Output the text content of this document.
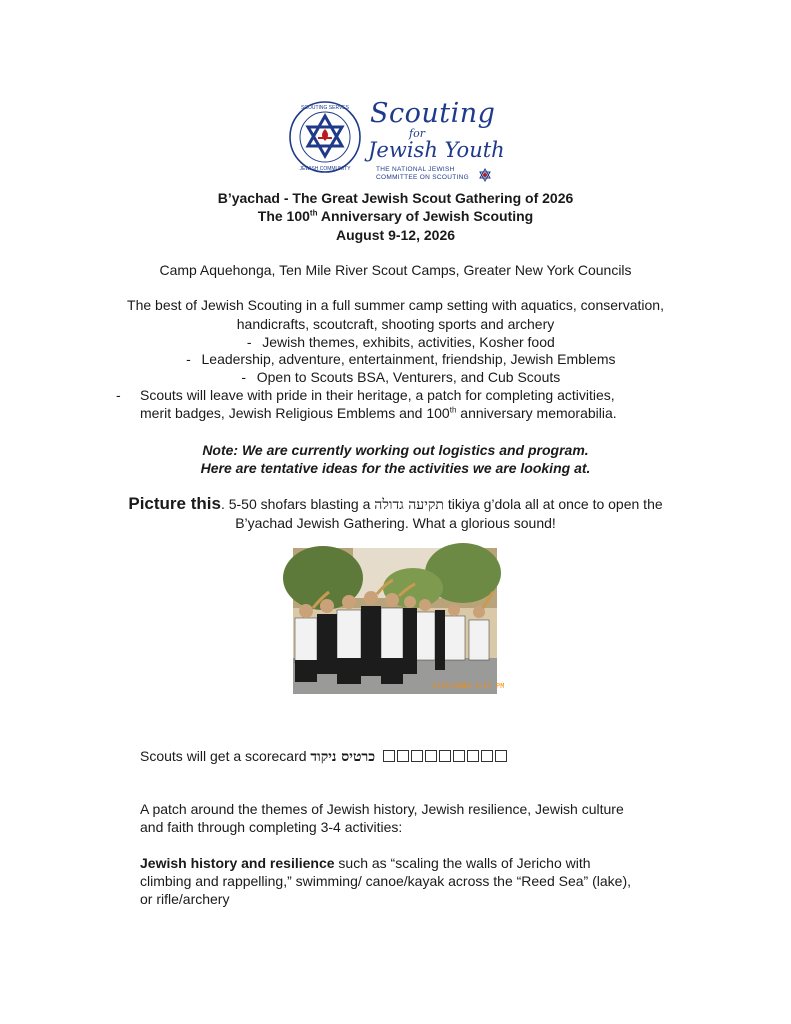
SCOUTING SERVES
JEWISH COMMUNITY
Scouting
for
Jewish Youth
THE NATIONAL JEWISH
COMMITTEE ON SCOUTING
B’yachad - The Great Jewish Scout Gathering of 2026
The 100th Anniversary of Jewish Scouting
August 9-12, 2026
Camp Aquehonga, Ten Mile River Scout Camps, Greater New York Councils
The best of Jewish Scouting in a full summer camp setting with aquatics, conservation,
handicrafts, scoutcraft, shooting sports and archery
- Jewish themes, exhibits, activities, Kosher food
- Leadership, adventure, entertainment, friendship, Jewish Emblems
- Open to Scouts BSA, Venturers, and Cub Scouts
- Scouts will leave with pride in their heritage, a patch for completing activities,
merit badges, Jewish Religious Emblems and 100th anniversary memorabilia.
Note: We are currently working out logistics and program.
Here are tentative ideas for the activities we are looking at.
Picture this. 5-50 shofars blasting a תקיעה גדולה tikiya g’dola all at once to open the
B’yachad Jewish Gathering. What a glorious sound!
5/21/2009 2:17 PM
Scouts will get a scorecard כרטיס ניקוד
A patch around the themes of Jewish history, Jewish resilience, Jewish culture
and faith through completing 3-4 activities:
Jewish history and resilience such as “scaling the walls of Jericho with
climbing and rappelling,” swimming/ canoe/kayak across the “Reed Sea” (lake),
or rifle/archery
